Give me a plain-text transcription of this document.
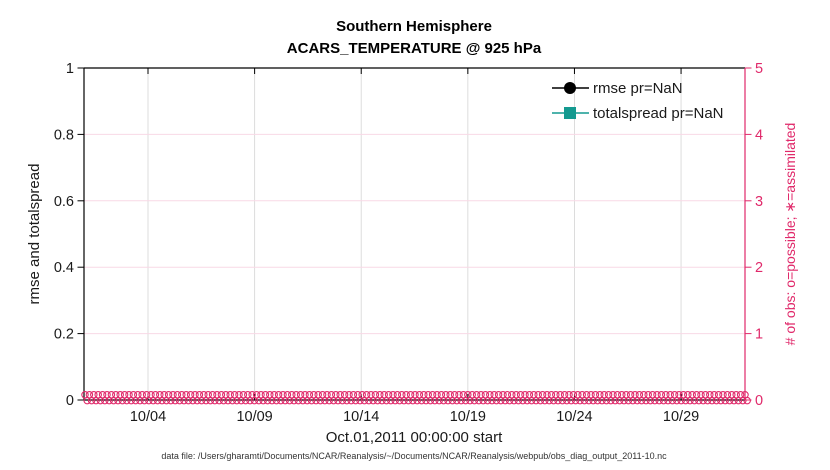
0
0.2
0.4
0.6
0.8
1
0
1
2
3
4
5
10/04	10/09	10/14	10/19	10/24	10/29
Southern Hemisphere
ACARS_TEMPERATURE @ 925 hPa
rmse and totalspread	# of obs: o=possible; ∗=assimilated
Oct.01,2011 00:00:00 start
rmse pr=NaN
totalspread pr=NaN
data file: /Users/gharamti/Documents/NCAR/Reanalysis/~/Documents/NCAR/Reanalysis/webpub/obs_diag_output_2011-10.nc
